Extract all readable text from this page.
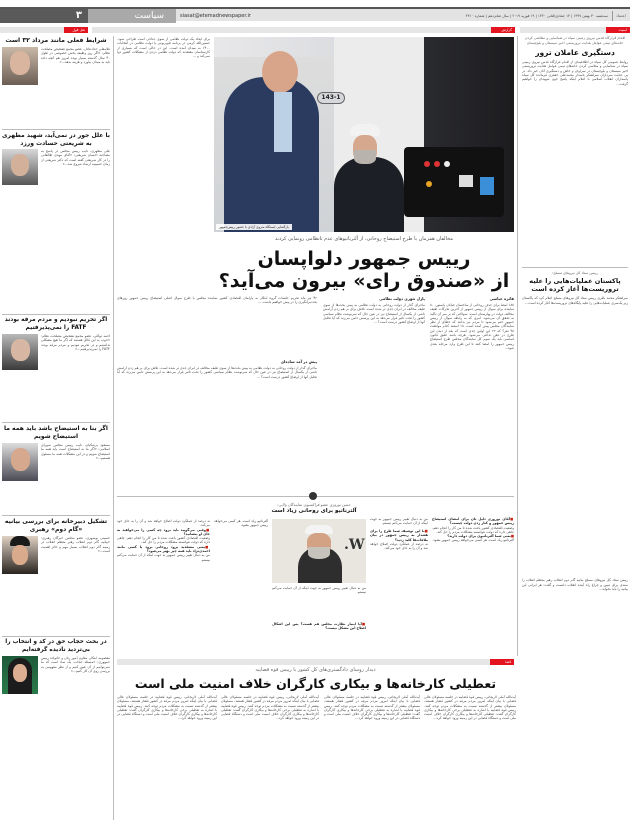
۳	سیاست	siasat@etemadnewspaper.ir	سه‌شنبه ۳۰ بهمن ۱۳۹۷ | ۱۴ جمادی‌الثانی ۱۴۴۰ | ۱۹ فوریه ۲۰۱۹ | سال شانزدهم | شماره ۴۳۱۰	اعتماد
امنیت
گزارش
نقل قول
اقدام قرارگاه قدس نیروی زمینی سپاه در شناسایی و متلاشی کردن خانه‌های تیمی عوامل هدایت تروریستی اخیر سیستان و بلوچستان
دستگیری عاملان ترور
روابط عمومی کل سپاه در اطلاعیه‌ای از اقدام قرارگاه قدس نیروی زمینی سپاه در شناسایی و متلاشی کردن خانه‌های تیمی عوامل هدایت تروریستی اخیر سیستان و بلوچستان در سراوان و خاش و دستگیری آنان خبر داد. در پی جنایت سرداران سرلشکر پاسدار محمدعلی جعفری فرمانده کل سپاه پاسداران انقلاب اسلامی با اعلام اینکه پاسخ خون شهیدان را خواهیم گرفت...
رییس ستاد کل نیروهای مسلح:
پاکستان عملیات‌هایی را علیه تروریست‌ها آغاز کرده است
سرلشکر محمد باقری رییس ستاد کل نیروهای مسلح اعلام کرد که پاکستان زیر یک‌سری عملیات‌هایی را علیه پایگاه‌های تروریست‌ها آغاز کرده است...
رییس ستاد کل نیروهای مسلح بیانیه گام دوم انقلاب رهبر معظم انقلاب را سندی برای تبیین و چراغ راه آینده انقلاب دانست و گفت: هر ایرانی این بیانیه را باید بخواند...
143-1
بازگشایی ایستگاه متروی آزادی با حضور رییس‌جمهور
برای ایجاد یک دولت نظامی از سوی جناحی است طراحی شود. حسین‌الله کرمی در برنامه تلویزیونی با دولت نظامی در انتخابات ۱۴۰۰ به میدان آمده است. این در حالی است که بسیاری از کارشناسان معتقدند که دولت نظامی دردی از مشکلات کشور دوا نمی‌کند و ...
مخالفان همزمان با طرح استیضاح روحانی، از آلترناتیوهای عدم تانظامی رونمایی کردند
رییس جمهور دلواپسان
از «صندوق رای» بیرون می‌آید؟
فائزه عباسی
۱۸۸ امضا برای حذف روحانی از ساختمان خیابان پاستور. ۸۰ نماینده برای سوال از رییس جمهور از آخرین تحرکات طیف مخالف دولت در پهارستان است. سوالاتی که بر سر آن تاکید به تحقق آن می‌شود. امری که به رابطه سوال از رییس جمهور ختم می‌شود تا مردم نیز بدانند که خطای از نظر نمایندگان مجلس پیش آمده است. ۱۸ اسفند کدام موافقت ۹۸ نفر؟ که ۲۲ این اولین جدی است که بعد از دیدن این طرح در ذهن تداعی می‌شود. هرچه باشد طبق قانون اساسی باید یک سوم کل نمایندگان مجلس طرح استیضاح رییس جمهور را امضا کنند تا این طرح وارد مرحله بعدی شود...
پازل تئوری دولت نظامی
ماجرای گذار از دولت روحانی به دولت نظامی به پیش بحث‌ها از سوی طیف مخالف در ایران جدی تر شده است. تلاش برای بر هم زدن آرامش ناشی از یکسال از استیضاح نیز در عین حال که سرنوشت نظام سیاسی کشور را تحت تاثیر قرار می‌دهد به این پرسش دامن می‌زند که آیا تحلیل آنها از اوضاع کشور درست است؟ ...
۴۲ تیر ماه تحریم جلسات گروه ابتکار به پارلمان اقتصادی کشور نماینده مجلس با طرح سوال اصلی استیضاح رییس جمهور روزهای بحث‌برانگیزی را در پیش خواهیم داشت ...
پیش در آمد ساده‌ای
ماجرای گذار از دولت روحانی به دولت نظامی به پیش بحث‌ها از سوی طیف مخالف در ایران جدی تر شده است. تلاش برای بر هم زدن آرامش ناشی از یکسال از استیضاح نیز در عین حال که سرنوشت نظام سیاسی کشور را تحت تاثیر قرار می‌دهد به این پرسش دامن می‌زند که آیا تحلیل آنها از اوضاع کشور درست است؟ ...
حسن نوروزی عضو فراکسیون نمایندگان ولایی:
آلترناتیو برای روحانی زیاد است
■آقای نوروزی دلیل تان برای امضای استیضاح رییس جمهور و کنار زدن دولت چیست؟
وضعیت اقتصادی کشور باعث شده تا من کار را انجام دهم. چاهی داره که دولت نتوانسته مشکلات مردم را حل کند.
■یعنی شما آلترناتیوی برای دولت دارید؟
آلترناتیو زیاد است. هر کسی می‌خواهد رییس جمهور بشود.
من به دنبال تغییر رییس جمهور به جهت اینکه از آن حمایت می‌کنم نیستم.
■با این توصیف شما طرح را برای هشدار به رییس جمهور در بیان ملاقات‌ها کلید زدید؟
نه درصد از عملکرد دولت اصلاح خواهد شد و آن را به جای خود می‌کند.
W.
آلترناتیو زیاد است. هر کسی می‌خواهد رییس جمهور بشود.
نه درصد از عملکرد دولت اصلاح خواهد شد و آن را به جای خود می‌کند.
■وقتی می‌گویید باید برود چه کسی را می‌خواهید به جای او بنشانید؟
وضعیت اقتصادی کشور باعث شده تا من کار را انجام دهم. چاهی داره که دولت نتوانسته مشکلات مردم را حل کند.
■یعنی معتقدید برود روحانی برود یا کسی مانند احمدی‌نژاد باید همه چیز بهتر می‌شود؟
من به دنبال تغییر رییس جمهور به جهت اینکه از آن حمایت می‌کنم نیستم.
من به دنبال تغییر رییس جمهور به جهت اینکه از آن حمایت می‌کنم نیستم.
■آیا اینبار نظارت مجلس هم هست؟ پس این اشکال اصلاح این مشکل نیست؟
قضا
دیدار روسای دادگستری‌های کل کشور با رییس قوه قضاییه
تعطیلی کارخانه‌ها و بیکاری کارگران خلاف امنیت ملی است
آیت‌الله آملی لاریجانی، رییس قوه قضاییه در جلسه مسئولان عالی قضایی با بیان اینکه امروز مردم مرفه در کشور فشار هستند، مسئولان بیشتر از گذشته نسبت به مشکلات مردم توجه کنند. رییس قوه قضاییه با اشاره به تعطیلی برخی کارخانه‌ها و بیکاری کارگران گفت: تعطیلی کارخانه‌ها و بیکاری کارگران خلاف امنیت ملی است و دستگاه قضایی در این زمینه ورود خواهد کرد...
آیت‌الله آملی لاریجانی، رییس قوه قضاییه در جلسه مسئولان عالی قضایی با بیان اینکه امروز مردم مرفه در کشور فشار هستند، مسئولان بیشتر از گذشته نسبت به مشکلات مردم توجه کنند. رییس قوه قضاییه با اشاره به تعطیلی برخی کارخانه‌ها و بیکاری کارگران گفت: تعطیلی کارخانه‌ها و بیکاری کارگران خلاف امنیت ملی است و دستگاه قضایی در این زمینه ورود خواهد کرد...
آیت‌الله آملی لاریجانی، رییس قوه قضاییه در جلسه مسئولان عالی قضایی با بیان اینکه امروز مردم مرفه در کشور فشار هستند، مسئولان بیشتر از گذشته نسبت به مشکلات مردم توجه کنند. رییس قوه قضاییه با اشاره به تعطیلی برخی کارخانه‌ها و بیکاری کارگران گفت: تعطیلی کارخانه‌ها و بیکاری کارگران خلاف امنیت ملی است و دستگاه قضایی در این زمینه ورود خواهد کرد...
آیت‌الله آملی لاریجانی، رییس قوه قضاییه در جلسه مسئولان عالی قضایی با بیان اینکه امروز مردم مرفه در کشور فشار هستند، مسئولان بیشتر از گذشته نسبت به مشکلات مردم توجه کنند. رییس قوه قضاییه با اشاره به تعطیلی برخی کارخانه‌ها و بیکاری کارگران گفت: تعطیلی کارخانه‌ها و بیکاری کارگران خلاف امنیت ملی است و دستگاه قضایی در این زمینه ورود خواهد کرد...
شرایط فعلی مانند مرداد ۳۲ است
غلامعلی حدادعادل، عضو مجمع تشخیص مصلحت نظام: «اگر روز وظیفه بخش خصوصی در طول ۴۰ سال گذشته بسیار بوده امروز هم آنچه داده باید به میدان بیاورد و هزینه بدهد...»
با علل جور در نمی‌آید، شهید مطهری به شریعتی حسادت ورزد
علی مطهری، نایب رییس مجلس در پاسخ به مصاحبه احسان شریعتی: «آقای مهدی طالقانی را در کار شریعتی گفته است که دکتر شریعتی از زمان حسینیه ارشاد شروع شد...»
اگر تحریم نبودیم و مردم مرفه بودند FATF را نمی‌پذیرفتیم
احمد توکلی، عضو مجمع تشخیص مصلحت نظام: «خوب به این قائل هستند که اگر ما هیچ مشکلی نداشتیم و در تحریم نبودیم و مردم مرفه بودند FATF را نمی‌پذیرفتیم...»
اگر بنا به استیضاح باشد باید همه ما استیضاح شویم
مسعود پزشکیان، نایب رییس مجلس شورای اسلامی: «اگر بنا به استیضاح است باید همه ما استیضاح شویم و در این مشکلات همه ما مسئول هستیم...»
تشکیل دبیرخانه برای بررسی بیانیه «گام دوم» رهبری
حسینی بوشهری، عضو مجلس خبرگان رهبری: «بیانیه گام دوم انقلاب رهبر معظم انقلاب در زمینه گام دوم انقلاب بسیار مهم و حائز اهمیت است...»
در بحث حجاب حق در کد و انتخاب را بی‌تردید نادیده گرفته‌ایم
معصومه ابتکار، معاون امور زنان و خانواده رییس جمهوری: «مسئله حجاب، یک نماد است که ما نمی‌توانیم از آن عبور کنیم و از نظر مفهومی به بررسی روی آن کار کنیم...»
